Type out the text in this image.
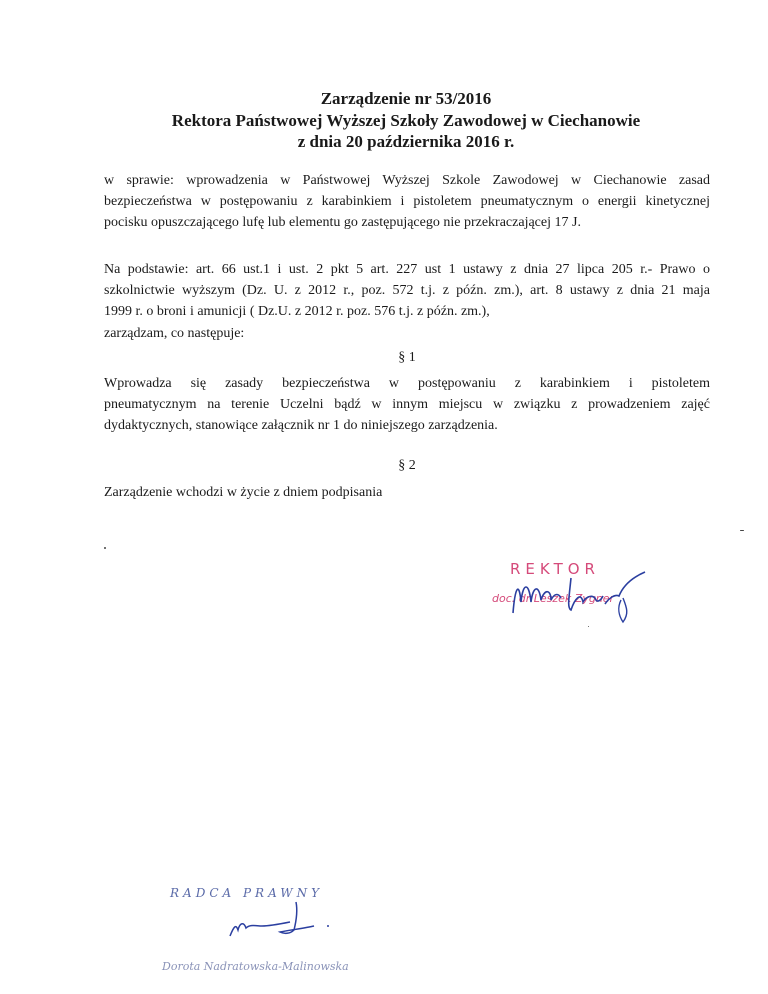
Zarządzenie nr 53/2016
Rektora Państwowej Wyższej Szkoły Zawodowej w Ciechanowie
z dnia 20 października 2016 r.

w sprawie: wprowadzenia w Państwowej Wyższej Szkole Zawodowej w Ciechanowie zasad
bezpieczeństwa w postępowaniu z karabinkiem i pistoletem pneumatycznym o energii kinetycznej
pocisku opuszczającego lufę lub elementu go zastępującego nie przekraczającej 17 J.

Na podstawie: art. 66 ust.1 i ust. 2 pkt 5 art. 227 ust 1 ustawy z dnia 27 lipca 205 r.- Prawo o
szkolnictwie wyższym (Dz. U. z 2012 r., poz. 572 t.j. z późn. zm.), art. 8 ustawy z dnia 21 maja
1999 r. o broni i amunicji ( Dz.U. z 2012 r. poz. 576 t.j. z późn. zm.),

zarządzam, co następuje:

§ 1

Wprowadza się zasady bezpieczeństwa w postępowaniu z karabinkiem i pistoletem
pneumatycznym na terenie Uczelni bądź w innym miejscu w związku z prowadzeniem zajęć
dydaktycznych, stanowiące załącznik nr 1 do niniejszego zarządzenia.

§ 2

Zarządzenie wchodzi w życie z dniem podpisania

REKTOR
doc. dr Leszek Zygner
RADCA PRAWNY
Dorota Nadratowska-Malinowska
